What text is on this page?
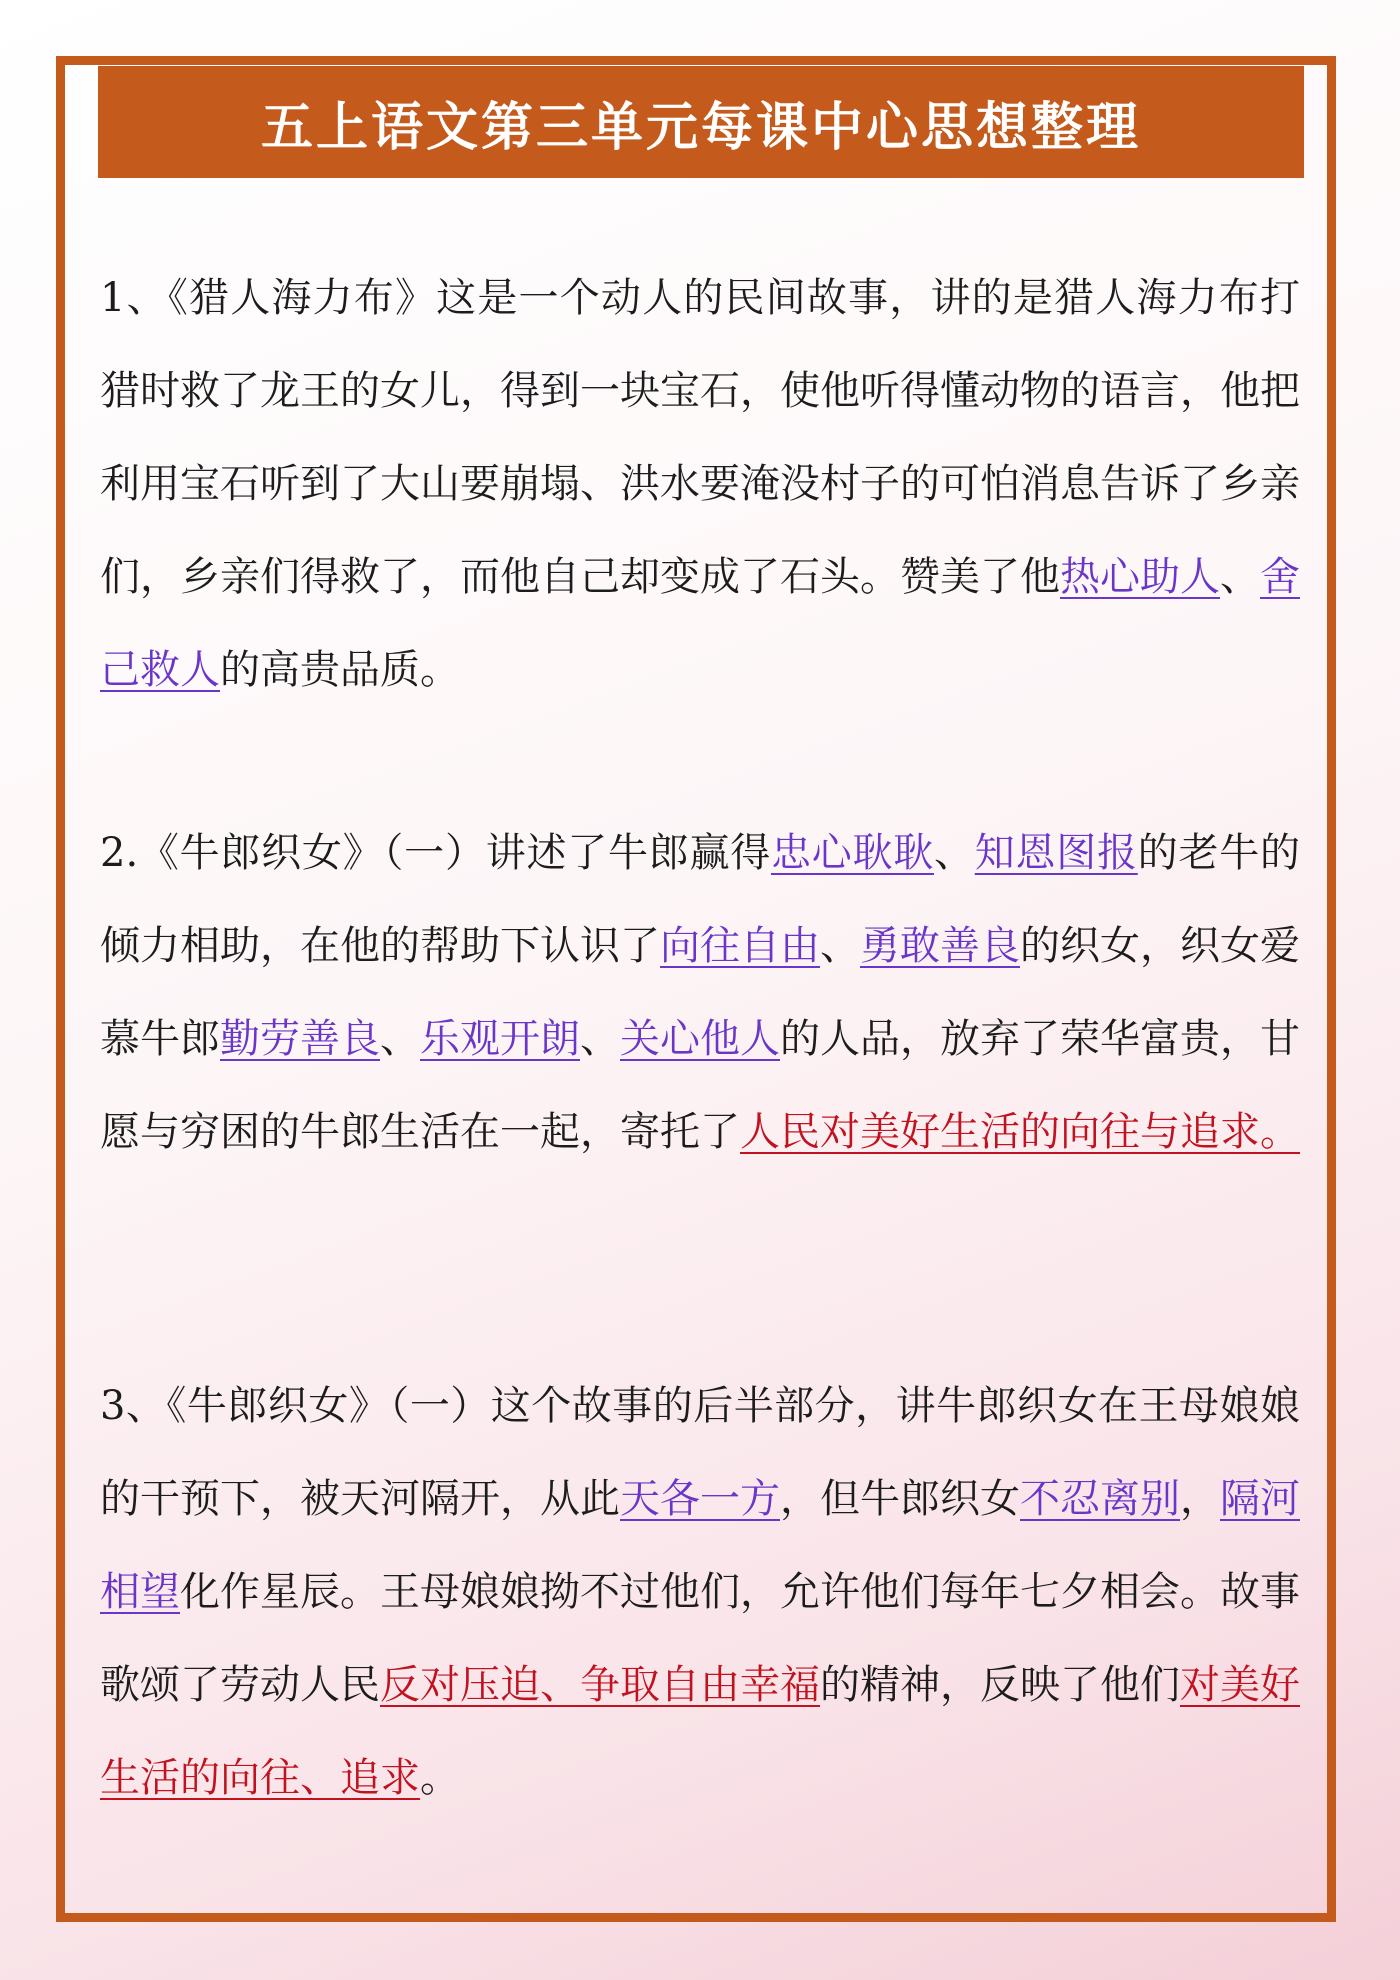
五上语文第三单元每课中心思想整理
1、《猎人海力布》这是一个动人的民间故事，讲的是猎人海力布打猎时救了龙王的女儿，得到一块宝石，使他听得懂动物的语言，他把利用宝石听到了大山要崩塌、洪水要淹没村子的可怕消息告诉了乡亲们，乡亲们得救了，而他自己却变成了石头。赞美了他热心助人、舍己救人的高贵品质。
2.《牛郎织女》（一）讲述了牛郎赢得忠心耿耿、知恩图报的老牛的倾力相助，在他的帮助下认识了向往自由、勇敢善良的织女，织女爱慕牛郎勤劳善良、乐观开朗、关心他人的人品，放弃了荣华富贵，甘愿与穷困的牛郎生活在一起，寄托了人民对美好生活的向往与追求。
3、《牛郎织女》（一）这个故事的后半部分，讲牛郎织女在王母娘娘的干预下，被天河隔开，从此天各一方，但牛郎织女不忍离别，隔河相望化作星辰。王母娘娘拗不过他们，允许他们每年七夕相会。故事歌颂了劳动人民反对压迫、争取自由幸福的精神，反映了他们对美好生活的向往、追求。
